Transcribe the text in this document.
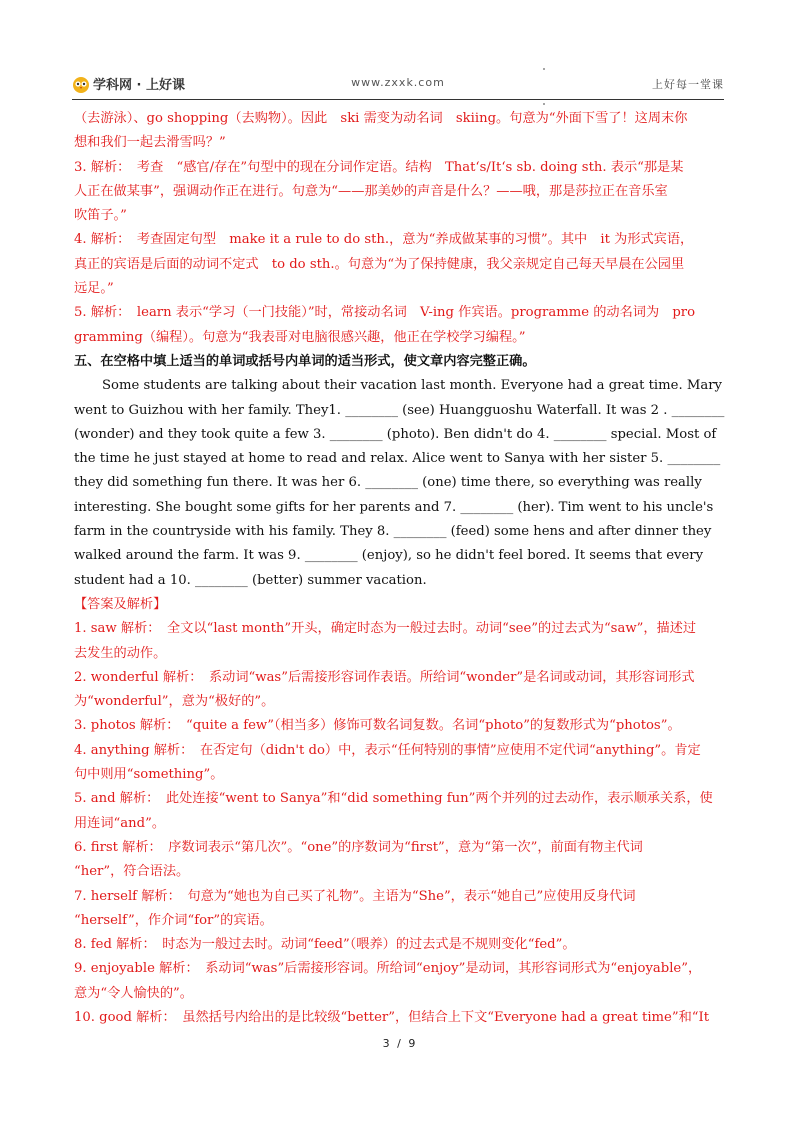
学科网 · 上好课	www.zxxk.com	上好每一堂课

（去游泳）、go shopping（去购物）。因此　ski 需变为动名词　skiing。句意为“外面下雪了！这周末你

想和我们一起去滑雪吗？”

3. 解析：　考查　“感官/存在”句型中的现在分词作定语。结构　That‘s/It‘s sb. doing sth. 表示“那是某

人正在做某事”，强调动作正在进行。句意为“——那美妙的声音是什么？——哦，那是莎拉正在音乐室

吹笛子。”

4. 解析：　考查固定句型　make it a rule to do sth.，意为“养成做某事的习惯”。其中　it 为形式宾语，

真正的宾语是后面的动词不定式　to do sth.。句意为“为了保持健康，我父亲规定自己每天早晨在公园里

远足。”

5. 解析：　learn 表示“学习（一门技能）”时，常接动名词　V-ing 作宾语。programme 的动名词为　pro

gramming（编程）。句意为“我表哥对电脑很感兴趣，他正在学校学习编程。”

五、在空格中填上适当的单词或括号内单词的适当形式，使文章内容完整正确。

Some students are talking about their vacation last month. Everyone had a great time. Mary went to Guizhou with her family. They1. ________ (see) Huangguoshu Waterfall. It was 2 . ________ (wonder) and they took quite a few 3. ________ (photo). Ben didn't do 4. ________ special. Most of the time he just stayed at home to read and relax. Alice went to Sanya with her sister 5. ________ they did something fun there. It was her 6. ________ (one) time there, so everything was really interesting. She bought some gifts for her parents and 7. ________ (her). Tim went to his uncle's farm in the countryside with his family. They 8. ________ (feed) some hens and after dinner they walked around the farm. It was 9. ________ (enjoy), so he didn't feel bored. It seems that every student had a 10. ________ (better) summer vacation.

【答案及解析】

1. saw 解析：　全文以“last month”开头，确定时态为一般过去时。动词“see”的过去式为“saw”，描述过

去发生的动作。

2. wonderful 解析：　系动词“was”后需接形容词作表语。所给词“wonder”是名词或动词，其形容词形式

为“wonderful”，意为“极好的”。

3. photos 解析：　“quite a few”（相当多）修饰可数名词复数。名词“photo”的复数形式为“photos”。

4. anything 解析：　在否定句（didn't do）中，表示“任何特别的事情”应使用不定代词“anything”。肯定

句中则用“something”。

5. and 解析：　此处连接“went to Sanya”和“did something fun”两个并列的过去动作，表示顺承关系，使

用连词“and”。

6. first 解析：　序数词表示“第几次”。“one”的序数词为“first”，意为“第一次”，前面有物主代词

“her”，符合语法。

7. herself 解析：　句意为“她也为自己买了礼物”。主语为“She”，表示“她自己”应使用反身代词

“herself”，作介词“for”的宾语。

8. fed 解析：　时态为一般过去时。动词“feed”（喂养）的过去式是不规则变化“fed”。

9. enjoyable 解析：　系动词“was”后需接形容词。所给词“enjoy”是动词，其形容词形式为“enjoyable”，

意为“令人愉快的”。

10. good 解析：　虽然括号内给出的是比较级“better”，但结合上下文“Everyone had a great time”和“It

3 / 9
